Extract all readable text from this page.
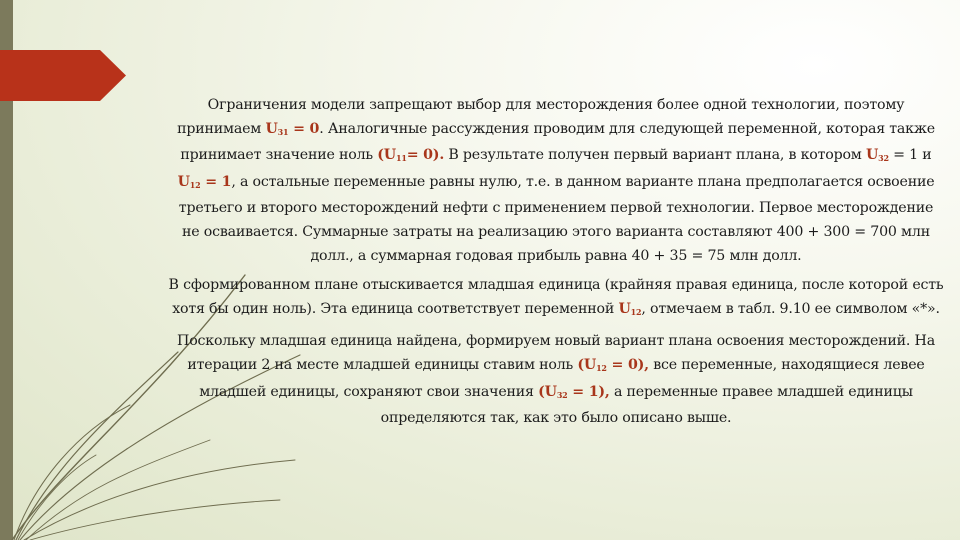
Ограничения модели запрещают выбор для месторождения более одной технологии, поэтому принимаем $U_{31} = 0$. Аналогичные рассуждения проводим для следующей переменной, которая также принимает значение ноль $(U_{11}= 0)$. В результате получен первый вариант плана, в котором $U_{32} = 1$ и $U_{12} = 1$, а остальные переменные равны нулю, т.е. в данном варианте плана предполагается освоение третьего и второго месторождений нефти с применением первой технологии. Первое месторождение не осваивается. Суммарные затраты на реализацию этого варианта составляют 400 + 300 = 700 млн долл., а суммарная годовая прибыль равна 40 + 35 = 75 млн долл.

В сформированном плане отыскивается младшая единица (крайняя правая единица, после которой есть хотя бы один ноль). Эта единица соответствует переменной $U_{12}$, отмечаем в табл. 9.10 ее символом «*».

Поскольку младшая единица найдена, формируем новый вариант плана освоения месторождений. На итерации 2 на месте младшей единицы ставим ноль $(U_{12} = 0)$, все переменные, находящиеся левее младшей единицы, сохраняют свои значения $(U_{32} = 1)$, а переменные правее младшей единицы определяются так, как это было описано выше.
